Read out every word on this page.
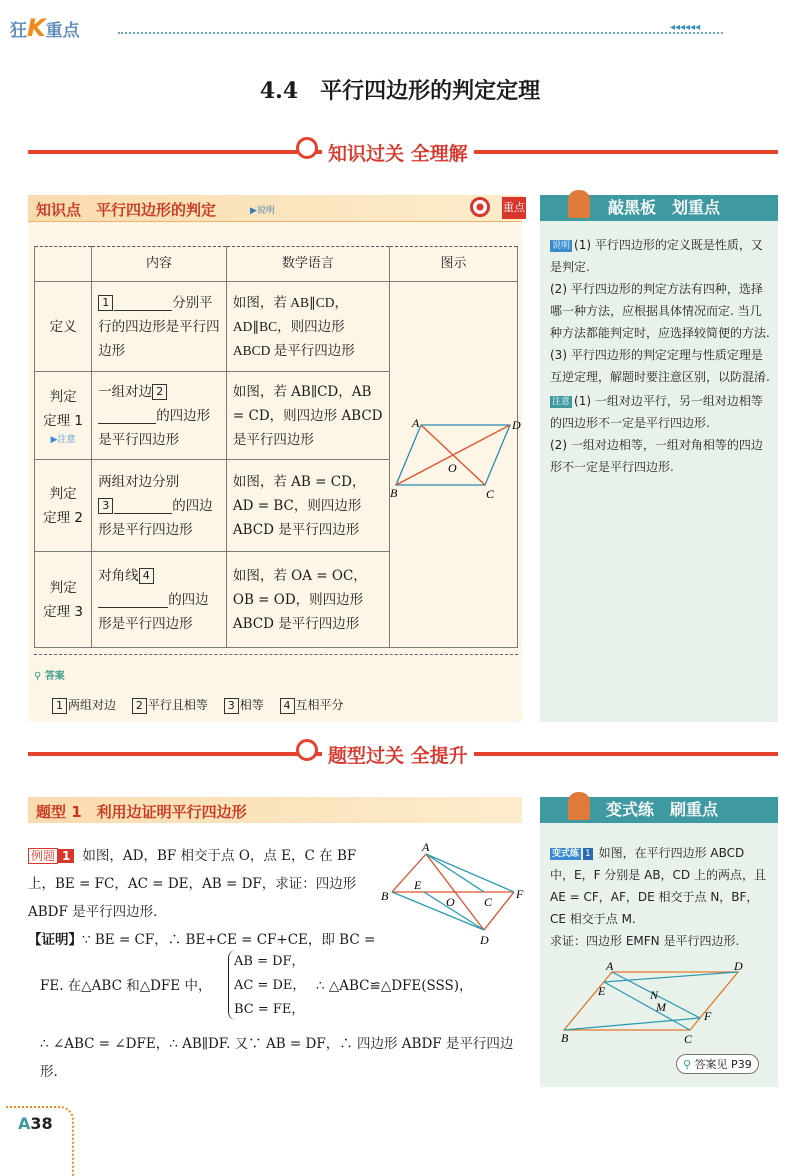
狂K重点	◂◂◂◂◂◂
4.4　平行四边形的判定定理
知识过关 全理解
知识点　平行四边形的判定	▶说明	重点
	内容	数学语言	图示
定义	1 分别平行的四边形是平行四边形	如图，若 AB∥CD，AD∥BC，则四边形 ABCD 是平行四边形	A D
B C
O

判定
定理 1
▶注意	一组对边 2的四边形是平行四边形	如图，若 AB∥CD，AB = CD，则四边形 ABCD 是平行四边形	
判定
定理 2	两组对边分别
3 的四边形是平行四边形	如图，若 AB = CD，AD = BC，则四边形 ABCD 是平行四边形	
判定
定理 3	对角线 4的四边形是平行四边形	如图，若 OA = OC，OB = OD，则四边形 ABCD 是平行四边形	
⚲ 答案
1 两组对边 2 平行且相等 3 相等 4 互相平分
敲黑板　划重点
说明 (1) 平行四边形的定义既是性质，又是判定.
(2) 平行四边形的判定方法有四种，选择哪一种方法，应根据具体情况而定. 当几种方法都能判定时，应选择较简便的方法.
(3) 平行四边形的判定定理与性质定理是互逆定理，解题时要注意区别，以防混淆.
注意 (1) 一组对边平行，另一组对边相等的四边形不一定是平行四边形.
(2) 一组对边相等，一组对角相等的四边形不一定是平行四边形.
题型过关 全提升
题型 1　利用边证明平行四边形
例题 1 如图，AD，BF 相交于点 O，点 E，C 在 BF 上，BE = FC，AC = DE，AB = DF，求证：四边形 ABDF 是平行四边形.
A
B
E
O C
F
D
【证明】∵ BE = CF，∴ BE+CE = CF+CE，即 BC =
FE. 在△ABC 和△DFE 中，
AB = DF，
AC = DE，
BC = FE，
∴ △ABC≌△DFE(SSS)，
∴ ∠ABC = ∠DFE，∴ AB∥DF. 又∵ AB = DF，∴ 四边形 ABDF 是平行四边形.
变式练　刷重点
变式练 1 如图，在平行四边形 ABCD 中，E，F 分别是 AB，CD 上的两点，且 AE = CF，AF，DE 相交于点 N，BF，CE 相交于点 M.
求证：四边形 EMFN 是平行四边形.
A	D
E	N
M
F
B	C
⚲ 答案见 P39
A38
